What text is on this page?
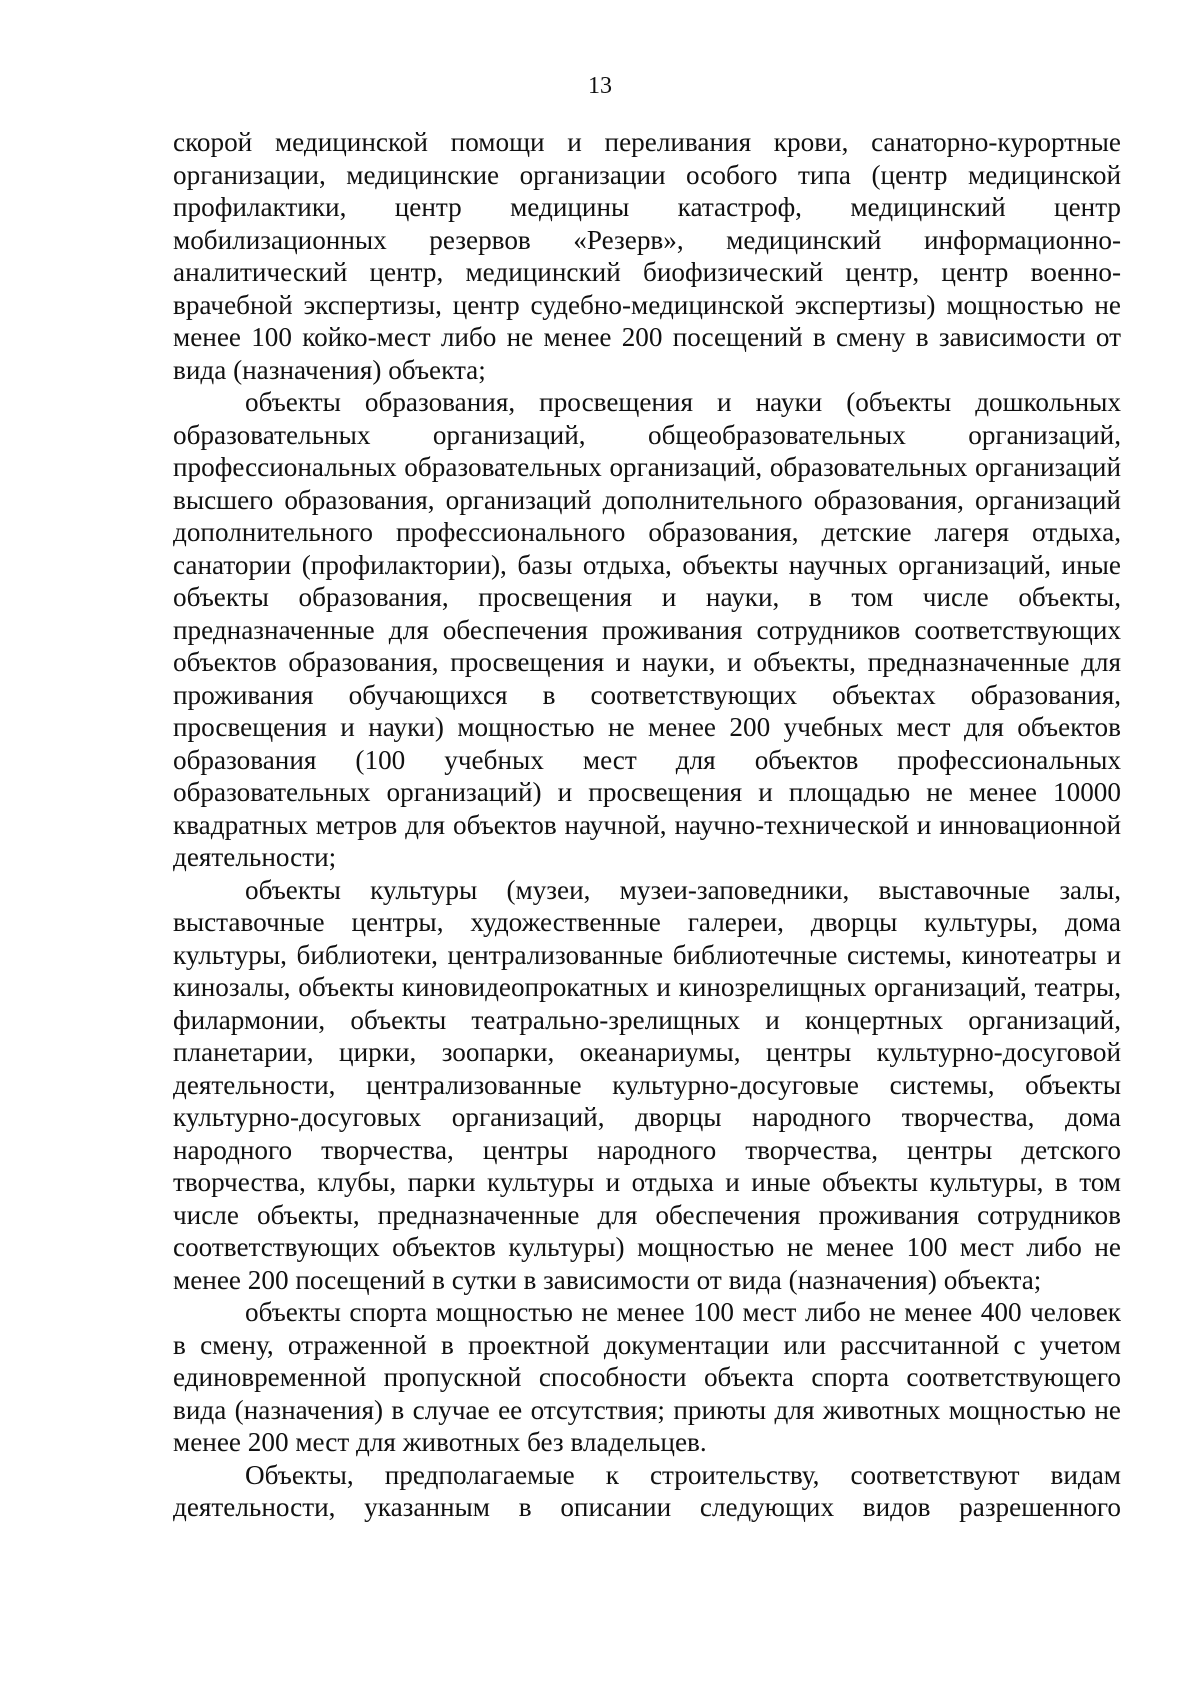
13

скорой медицинской помощи и переливания крови, санаторно-курортные организации, медицинские организации особого типа (центр медицинской профилактики, центр медицины катастроф, медицинский центр мобилизационных резервов «Резерв», медицинский информационно-аналитический центр, медицинский биофизический центр, центр военно-врачебной экспертизы, центр судебно-медицинской экспертизы) мощностью не менее 100 койко-мест либо не менее 200 посещений в смену в зависимости от вида (назначения) объекта;

объекты образования, просвещения и науки (объекты дошкольных образовательных организаций, общеобразовательных организаций, профессиональных образовательных организаций, образовательных организаций высшего образования, организаций дополнительного образования, организаций дополнительного профессионального образования, детские лагеря отдыха, санатории (профилактории), базы отдыха, объекты научных организаций, иные объекты образования, просвещения и науки, в том числе объекты, предназначенные для обеспечения проживания сотрудников соответствующих объектов образования, просвещения и науки, и объекты, предназначенные для проживания обучающихся в соответствующих объектах образования, просвещения и науки) мощностью не менее 200 учебных мест для объектов образования (100 учебных мест для объектов профессиональных образовательных организаций) и просвещения и площадью не менее 10000 квадратных метров для объектов научной, научно-технической и инновационной деятельности;

объекты культуры (музеи, музеи-заповедники, выставочные залы, выставочные центры, художественные галереи, дворцы культуры, дома культуры, библиотеки, централизованные библиотечные системы, кинотеатры и кинозалы, объекты киновидеопрокатных и кинозрелищных организаций, театры, филармонии, объекты театрально-зрелищных и концертных организаций, планетарии, цирки, зоопарки, океанариумы, центры культурно-досуговой деятельности, централизованные культурно-досуговые системы, объекты культурно-досуговых организаций, дворцы народного творчества, дома народного творчества, центры народного творчества, центры детского творчества, клубы, парки культуры и отдыха и иные объекты культуры, в том числе объекты, предназначенные для обеспечения проживания сотрудников соответствующих объектов культуры) мощностью не менее 100 мест либо не менее 200 посещений в сутки в зависимости от вида (назначения) объекта;

объекты спорта мощностью не менее 100 мест либо не менее 400 человек в смену, отраженной в проектной документации или рассчитанной с учетом единовременной пропускной способности объекта спорта соответствующего вида (назначения) в случае ее отсутствия; приюты для животных мощностью не менее 200 мест для животных без владельцев.

Объекты, предполагаемые к строительству, соответствуют видам деятельности, указанным в описании следующих видов разрешенного
